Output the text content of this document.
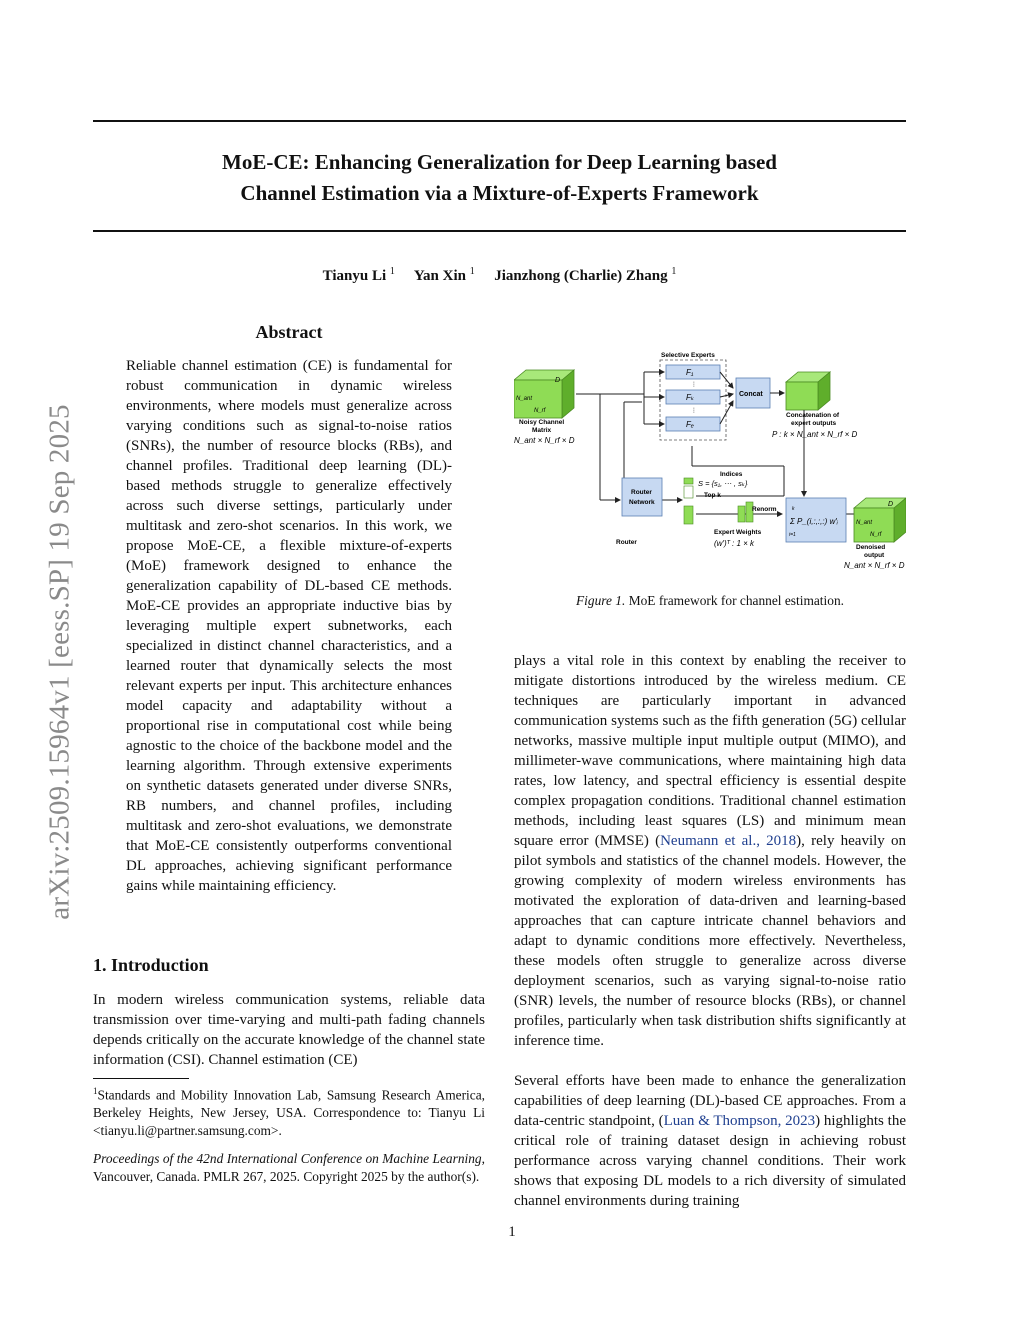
arXiv:2509.15964v1 [eess.SP] 19 Sep 2025
MoE-CE: Enhancing Generalization for Deep Learning based
Channel Estimation via a Mixture-of-Experts Framework
Tianyu Li $^1$ Yan Xin $^1$ Jianzhong (Charlie) Zhang $^1$
Abstract
Reliable channel estimation (CE) is fundamental for robust communication in dynamic wireless environments, where models must generalize across varying conditions such as signal-to-noise ratios (SNRs), the number of resource blocks (RBs), and channel profiles. Traditional deep learning (DL)-based methods struggle to generalize effectively across such diverse settings, particularly under multitask and zero-shot scenarios. In this work, we propose MoE-CE, a flexible mixture-of-experts (MoE) framework designed to enhance the generalization capability of DL-based CE methods. MoE-CE provides an appropriate inductive bias by leveraging multiple expert subnetworks, each specialized in distinct channel characteristics, and a learned router that dynamically selects the most relevant experts per input. This architecture enhances model capacity and adaptability without a proportional rise in computational cost while being agnostic to the choice of the backbone model and the learning algorithm. Through extensive experiments on synthetic datasets generated under diverse SNRs, RB numbers, and channel profiles, including multitask and zero-shot evaluations, we demonstrate that MoE-CE consistently outperforms conventional DL approaches, achieving significant performance gains while maintaining efficiency.
1. Introduction
In modern wireless communication systems, reliable data transmission over time-varying and multi-path fading channels depends critically on the accurate knowledge of the channel state information (CSI). Channel estimation (CE)
$^1$Standards and Mobility Innovation Lab, Samsung Research America, Berkeley Heights, New Jersey, USA. Correspondence to: Tianyu Li <tianyu.li@partner.samsung.com>.
Proceedings of the 42nd International Conference on Machine Learning, Vancouver, Canada. PMLR 267, 2025. Copyright 2025 by the author(s).
D
N_ant
N_rf
Noisy Channel
Matrix
N_ant × N_rf × D
Selective Experts
F₁
⋮
Fₖ
⋮
Fₑ
Concat
Concatenation of
expert outputs
P : k × N_ant × N_rf × D
Router
Network
Router
Indices
S = {s₁, ⋯ , sₖ}
Top k
Renorm
Expert Weights
(w′)ᵀ : 1 × k
k
Σ P_(i,:,:,:) w′ᵢ
i=1
D
N_ant
N_rf
Denoised
output
N_ant × N_rf × D
Figure 1. MoE framework for channel estimation.
plays a vital role in this context by enabling the receiver to mitigate distortions introduced by the wireless medium. CE techniques are particularly important in advanced communication systems such as the fifth generation (5G) cellular networks, massive multiple input multiple output (MIMO), and millimeter-wave communications, where maintaining high data rates, low latency, and spectral efficiency is essential despite complex propagation conditions. Traditional channel estimation methods, including least squares (LS) and minimum mean square error (MMSE) (Neumann et al., 2018), rely heavily on pilot symbols and statistics of the channel models. However, the growing complexity of modern wireless environments has motivated the exploration of data-driven and learning-based approaches that can capture intricate channel behaviors and adapt to dynamic conditions more effectively. Nevertheless, these models often struggle to generalize across diverse deployment scenarios, such as varying signal-to-noise ratio (SNR) levels, the number of resource blocks (RBs), or channel profiles, particularly when task distribution shifts significantly at inference time.
Several efforts have been made to enhance the generalization capabilities of deep learning (DL)-based CE approaches. From a data-centric standpoint, (Luan & Thompson, 2023) highlights the critical role of training dataset design in achieving robust performance across varying channel conditions. Their work shows that exposing DL models to a rich diversity of simulated channel environments during training
1
